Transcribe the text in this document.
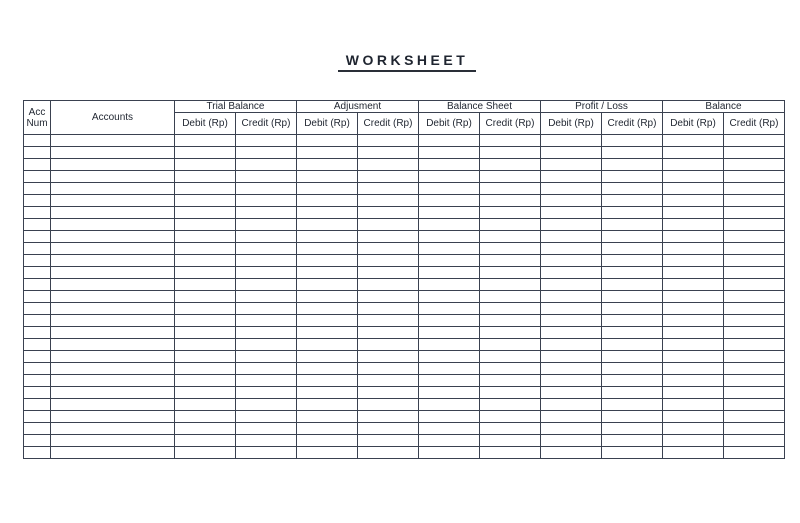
WORKSHEET
Acc
Num	Accounts	Trial Balance		Adjusment		Balance Sheet		Profit / Loss		Balance	
		Debit (Rp)	Credit (Rp)	Debit (Rp)	Credit (Rp)	Debit (Rp)	Credit (Rp)	Debit (Rp)	Credit (Rp)	Debit (Rp)	Credit (Rp)
